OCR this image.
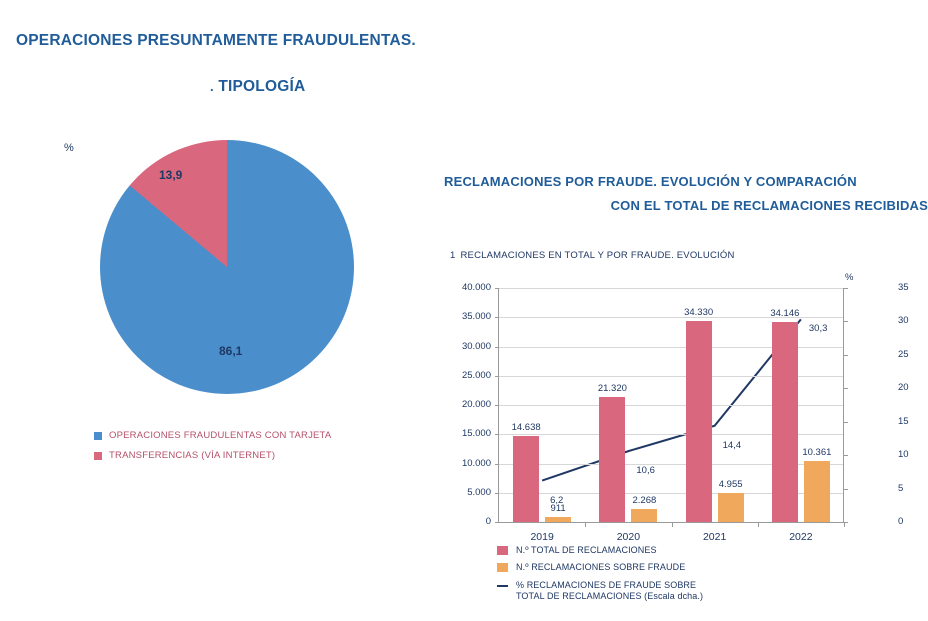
OPERACIONES PRESUNTAMENTE FRAUDULENTAS.
. TIPOLOGÍA
%
86,1
13,9
OPERACIONES FRAUDULENTAS CON TARJETA
TRANSFERENCIAS (VÍA INTERNET)
RECLAMACIONES POR FRAUDE. EVOLUCIÓN Y COMPARACIÓN
CON EL TOTAL DE RECLAMACIONES RECIBIDAS
1 RECLAMACIONES EN TOTAL Y POR FRAUDE. EVOLUCIÓN
%
0
5.000
10.000
15.000
20.000
25.000
30.000
35.000
40.000
0
5
10
15
20
25
30
35
2019
14.638
911
2020
21.320
2.268
2021
34.330
4.955
2022
34.146
10.361
6,2
10,6
14,4
30,3
N.º TOTAL DE RECLAMACIONES
N.º RECLAMACIONES SOBRE FRAUDE
% RECLAMACIONES DE FRAUDE SOBRE
TOTAL DE RECLAMACIONES (Escala dcha.)
